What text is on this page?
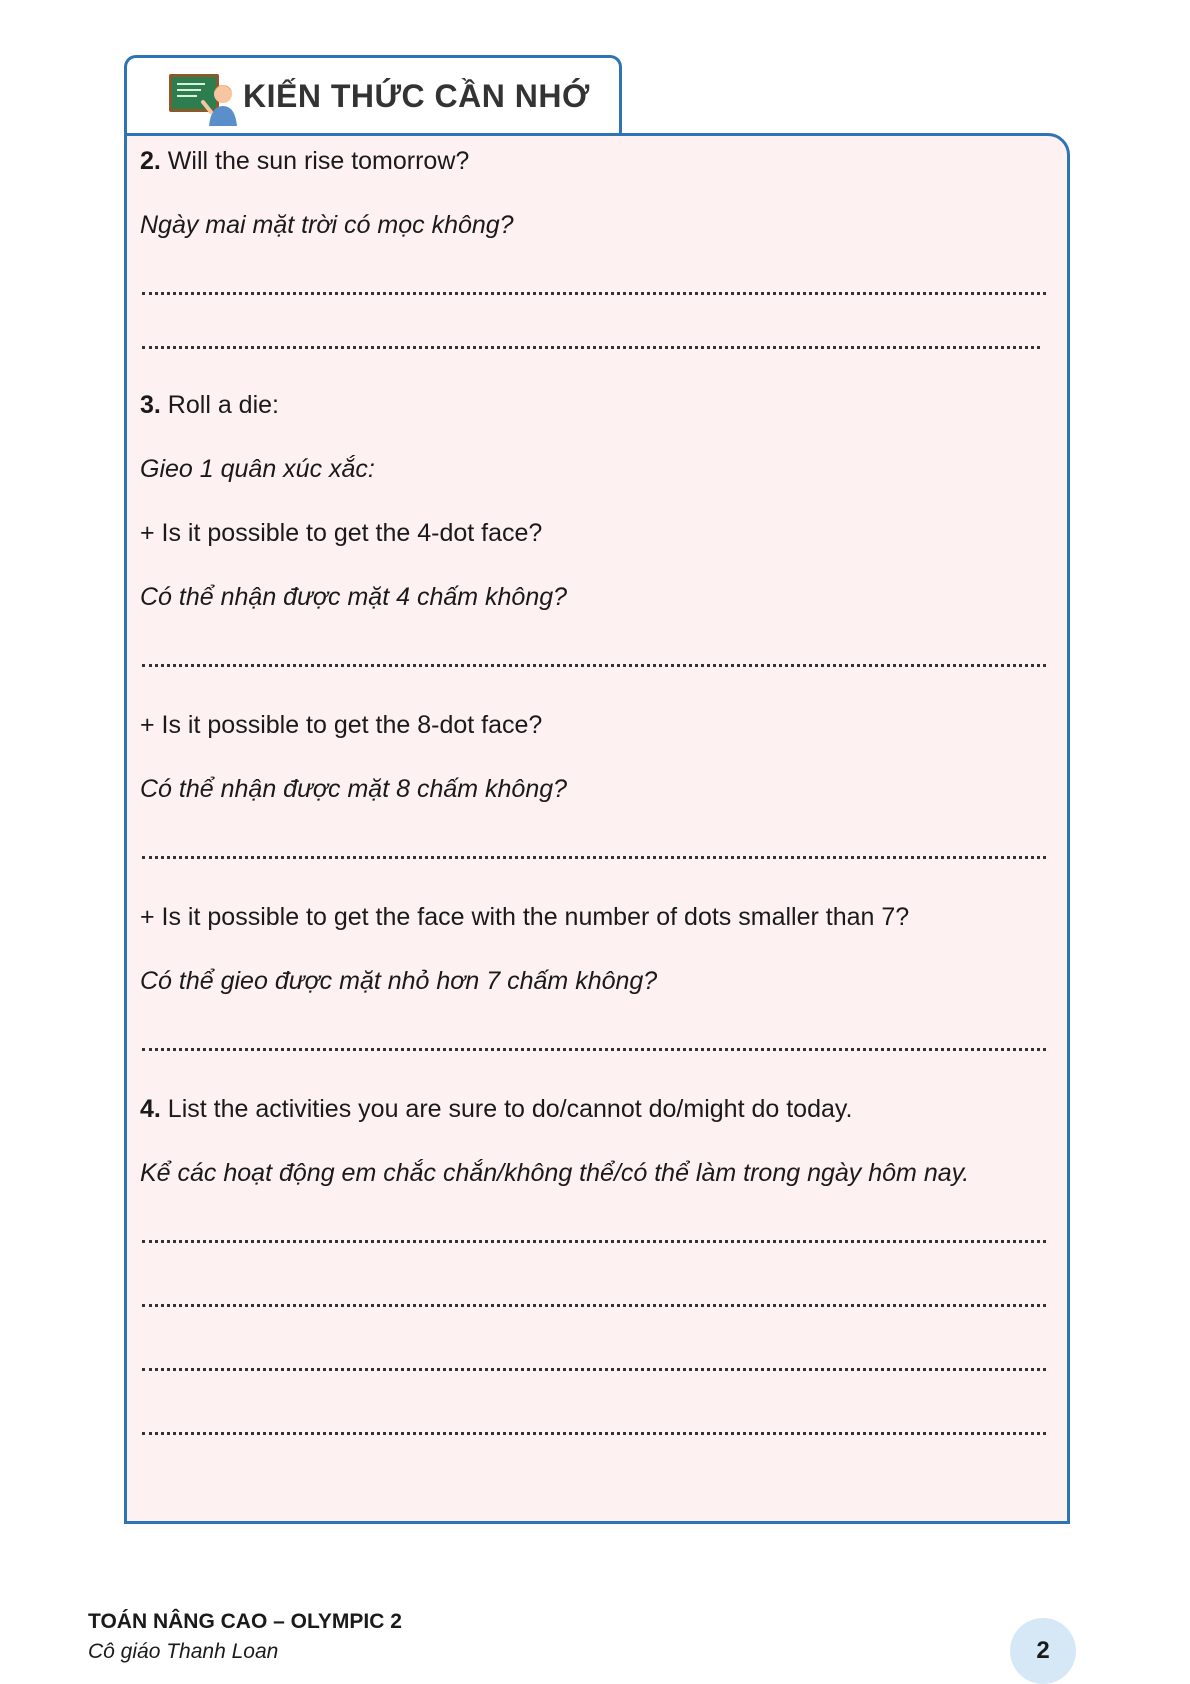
KIẾN THỨC CẦN NHỚ
2. Will the sun rise tomorrow?
Ngày mai mặt trời có mọc không?
3. Roll a die:
Gieo 1 quân xúc xắc:
+ Is it possible to get the 4-dot face?
Có thể nhận được mặt 4 chấm không?
+ Is it possible to get the 8-dot face?
Có thể nhận được mặt 8 chấm không?
+ Is it possible to get the face with the number of dots smaller than 7?
Có thể gieo được mặt nhỏ hơn 7 chấm không?
4. List the activities you are sure to do/cannot do/might do today.
Kể các hoạt động em chắc chắn/không thể/có thể làm trong ngày hôm nay.
TOÁN NÂNG CAO – OLYMPIC 2
Cô giáo Thanh Loan	2
